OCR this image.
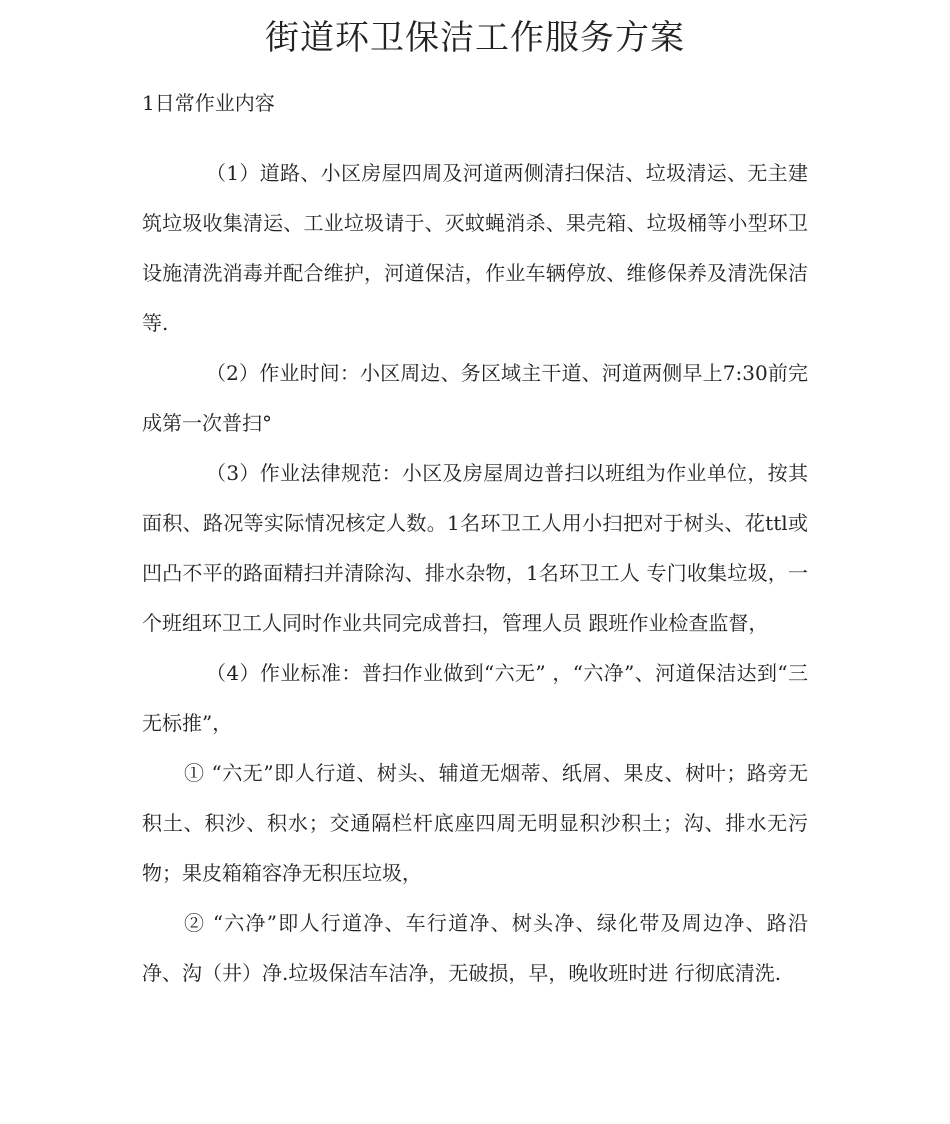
街道环卫保洁工作服务方案
1日常作业内容

（1）道路、小区房屋四周及河道两侧清扫保洁、垃圾清运、无主建筑垃圾收集清运、工业垃圾请于、灭蚊蝇消杀、果壳箱、垃圾桶等小型环卫设施清洗消毒并配合维护，河道保洁，作业车辆停放、维修保养及清洗保洁等.

（2）作业时间：小区周边、务区域主干道、河道两侧早上7:30前完成第一次普扫°

（3）作业法律规范：小区及房屋周边普扫以班组为作业单位，按其 面积、路况等实际情况核定人数。1名环卫工人用小扫把对于树头、花ttl或凹凸不平的路面精扫并清除沟、排水杂物，1名环卫工人 专门收集垃圾，一个班组环卫工人同时作业共同完成普扫，管理人员 跟班作业检查监督，

（4）作业标准：普扫作业做到“六无” ，“六净”、河道保洁达到“三无标推”，

① “六无”即人行道、树头、辅道无烟蒂、纸屑、果皮、树叶；路旁无积土、积沙、积水；交通隔栏杆底座四周无明显积沙积土；沟、排水无污物；果皮箱箱容净无积压垃圾，

② “六净”即人行道净、车行道净、树头净、绿化带及周边净、路沿净、沟（井）净.垃圾保洁车洁净，无破损，早，晚收班时进 行彻底清洗.
